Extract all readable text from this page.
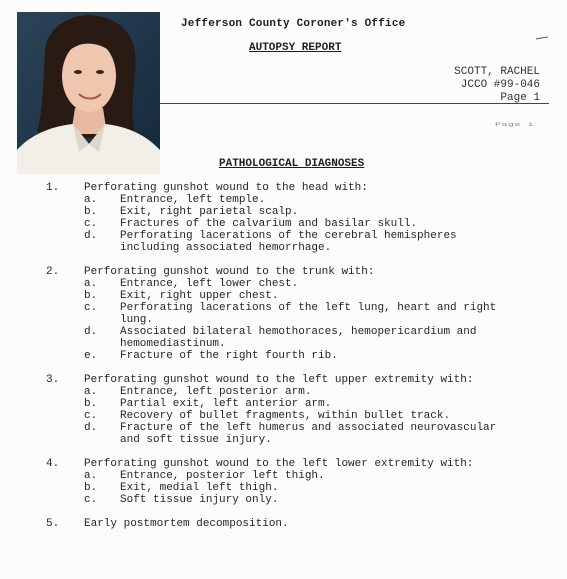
Jefferson County Coroner's Office
AUTOPSY REPORT
SCOTT, RACHEL
JCCO #99-046
Page 1
Page 1
PATHOLOGICAL DIAGNOSES
1. Perforating gunshot wound to the head with:
a. Entrance, left temple.
b. Exit, right parietal scalp.
c. Fractures of the calvarium and basilar skull.
d. Perforating lacerations of the cerebral hemispheres
including associated hemorrhage.
2. Perforating gunshot wound to the trunk with:
a. Entrance, left lower chest.
b. Exit, right upper chest.
c. Perforating lacerations of the left lung, heart and right
lung.
d. Associated bilateral hemothoraces, hemopericardium and
hemomediastinum.
e. Fracture of the right fourth rib.
3. Perforating gunshot wound to the left upper extremity with:
a. Entrance, left posterior arm.
b. Partial exit, left anterior arm.
c. Recovery of bullet fragments, within bullet track.
d. Fracture of the left humerus and associated neurovascular
and soft tissue injury.
4. Perforating gunshot wound to the left lower extremity with:
a. Entrance, posterior left thigh.
b. Exit, medial left thigh.
c. Soft tissue injury only.
5. Early postmortem decomposition.
